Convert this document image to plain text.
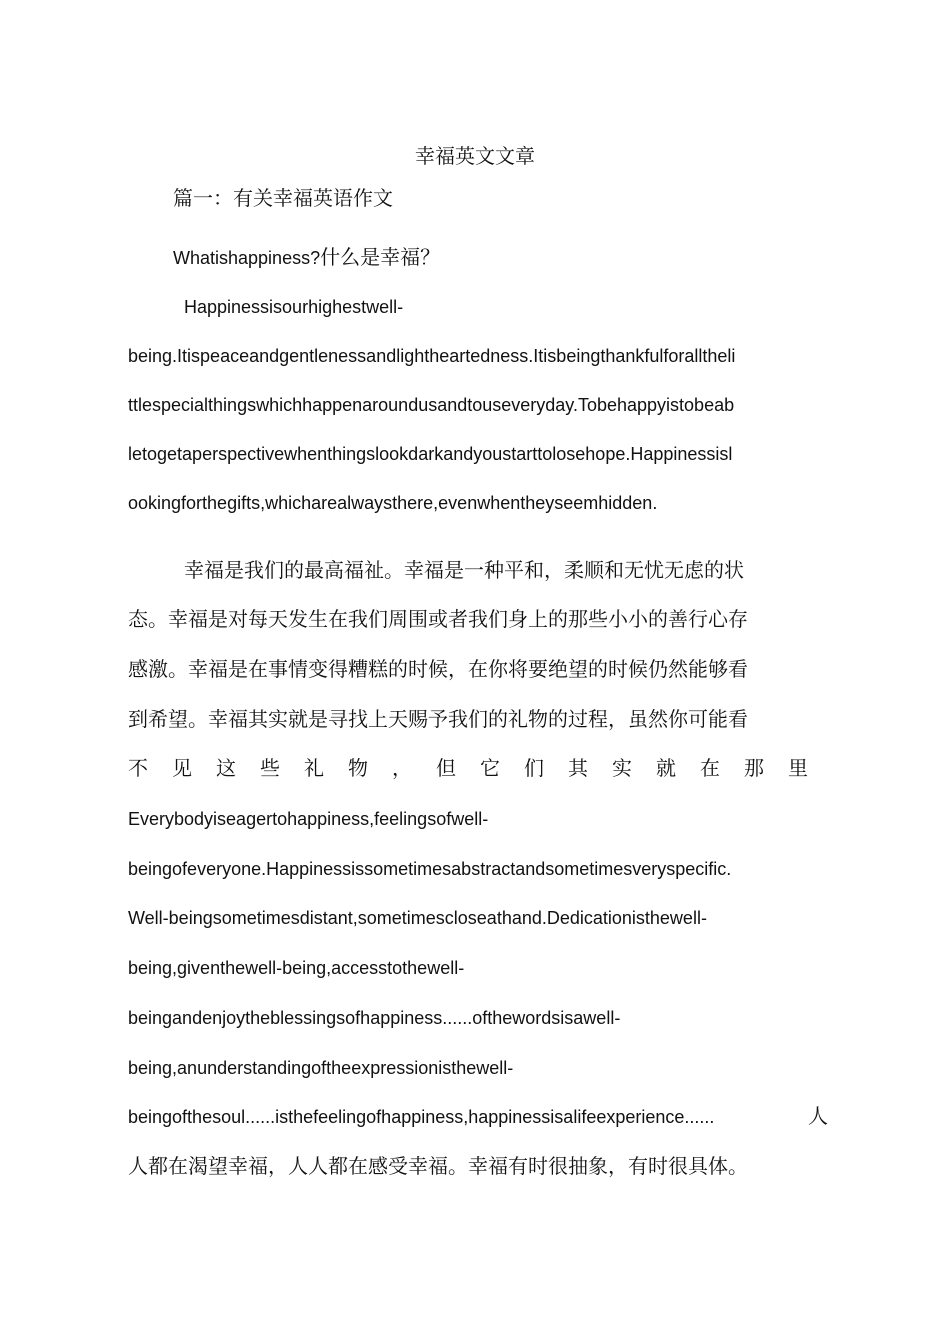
幸福英文文章
篇一：有关幸福英语作文
Whatishappiness?什么是幸福？
Happinessisourhighestwell-
being.Itispeaceandgentlenessandlightheartedness.Itisbeingthankfulforallthelі
ttlespecialthingswhichhappenaroundusandtouseveryday.Tobehappyistobeab
letogetaperspectivewhenthingslookdarkandyoustarttolosehope.Happinessisl
ookingforthegifts,whicharealwaysthere,evenwhentheyseemhidden.
幸福是我们的最高福祉。幸福是一种平和，柔顺和无忧无虑的状
态。幸福是对每天发生在我们周围或者我们身上的那些小小的善行心存
感激。幸福是在事情变得糟糕的时候，在你将要绝望的时候仍然能够看
到希望。幸福其实就是寻找上天赐予我们的礼物的过程，虽然你可能看
不 见 这 些 礼 物 ， 但 它 们 其 实 就 在 那 里
Everybodyiseagertohappiness,feelingsofwell-
beingofeveryone.Happinessissometimesabstractandsometimesveryspecific.
Well-beingsometimesdistant,sometimescloseathand.Dedicationisthewell-
being,giventhewell-being,accesstothewell-
beingandenjoytheblessingsofhappiness......ofthewordsisawell-
being,anunderstandingoftheexpressionisthewell-
beingofthesoul......isthefeelingofhappiness,happinessisalifeexperience......	人
人都在渴望幸福，人人都在感受幸福。幸福有时很抽象，有时很具体。
